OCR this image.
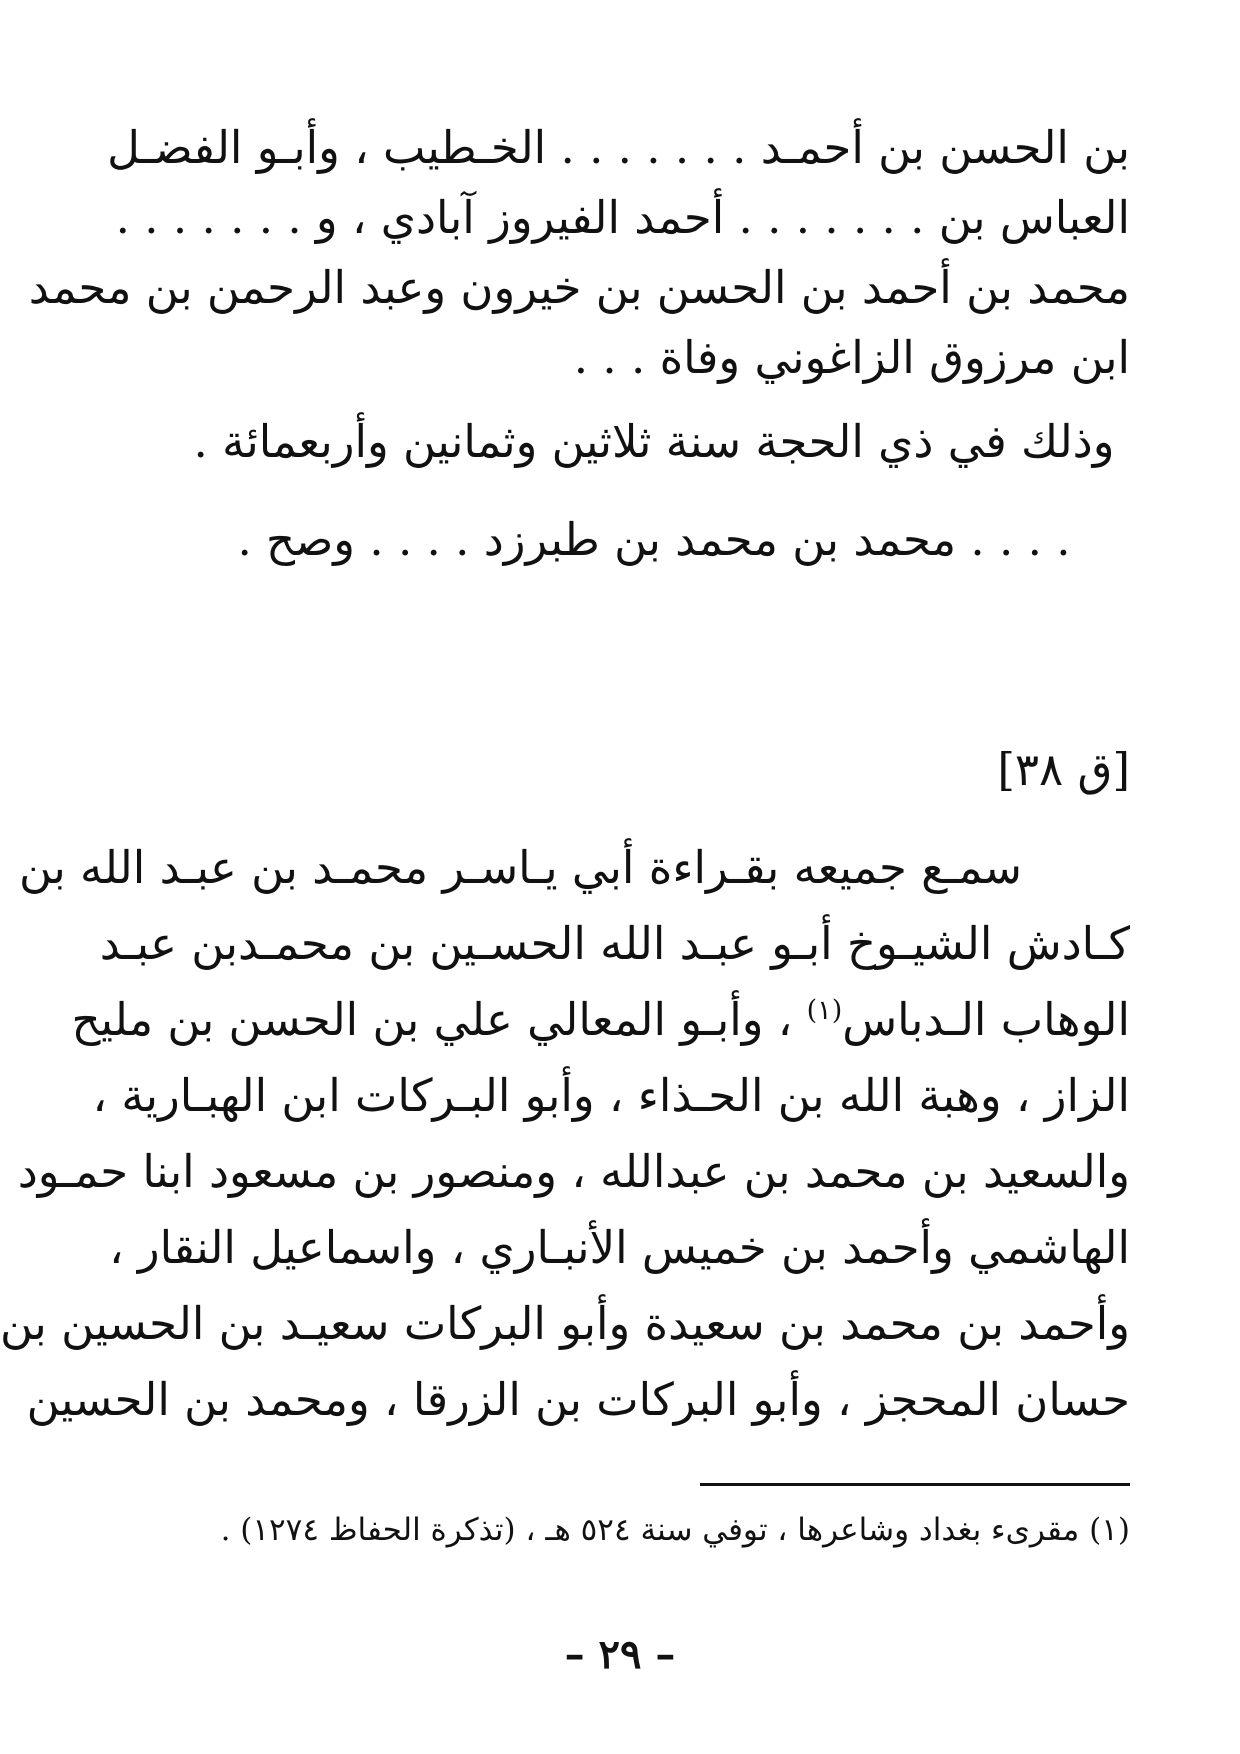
بن الحسن بن أحمـد . . . . . . . الخـطيب ، وأبـو الفضـل
العباس بن . . . . . . . أحمد الفيروز آبادي ، و . . . . . . .
محمد بن أحمد بن الحسن بن خيرون وعبد الرحمن بن محمد
ابن مرزوق الزاغوني وفاة . . .
وذلك في ذي الحجة سنة ثلاثين وثمانين وأربعمائة .
. . . . محمد بن محمد بن طبرزد . . . . وصح .
[ق ٣٨]
سمـع جميعه بقـراءة أبي يـاسـر محمـد بن عبـد الله بن
كـادش الشيـوخ أبـو عبـد الله الحسـين بن محمـدبن عبـد
الوهاب الـدباس$^{(١)}$ ، وأبـو المعالي علي بن الحسن بن مليح
الزاز ، وهبة الله بن الحـذاء ، وأبو البـركات ابن الهبـارية ،
والسعيد بن محمد بن عبدالله ، ومنصور بن مسعود ابنا حمـود
الهاشمي وأحمد بن خميس الأنبـاري ، واسماعيل النقار ،
وأحمد بن محمد بن سعيدة وأبو البركات سعيـد بن الحسين بن
حسان المحجز ، وأبو البركات بن الزرقا ، ومحمد بن الحسين
(١) مقرىء بغداد وشاعرها ، توفي سنة ٥٢٤ هـ ، (تذكرة الحفاظ ١٢٧٤) .
– ٢٩ –
